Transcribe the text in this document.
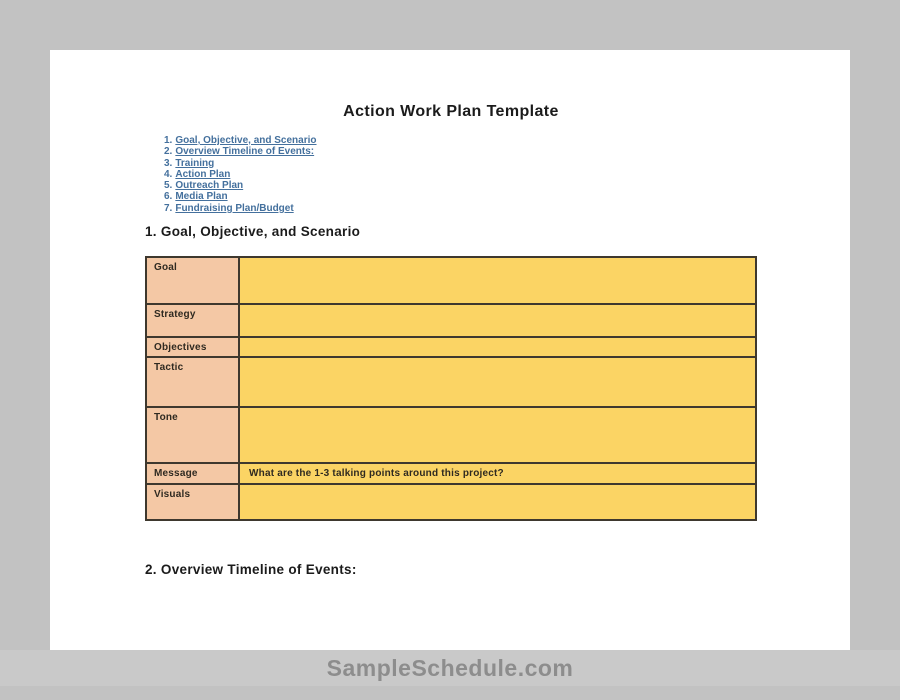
Action Work Plan Template
1. Goal, Objective, and Scenario
2. Overview Timeline of Events:
3. Training
4. Action Plan
5. Outreach Plan
6. Media Plan
7. Fundraising Plan/Budget
1. Goal, Objective, and Scenario
Goal	
Strategy	
Objectives	
Tactic	
Tone	
Message	What are the 1-3 talking points around this project?
Visuals	
2. Overview Timeline of Events:
SampleSchedule.com
